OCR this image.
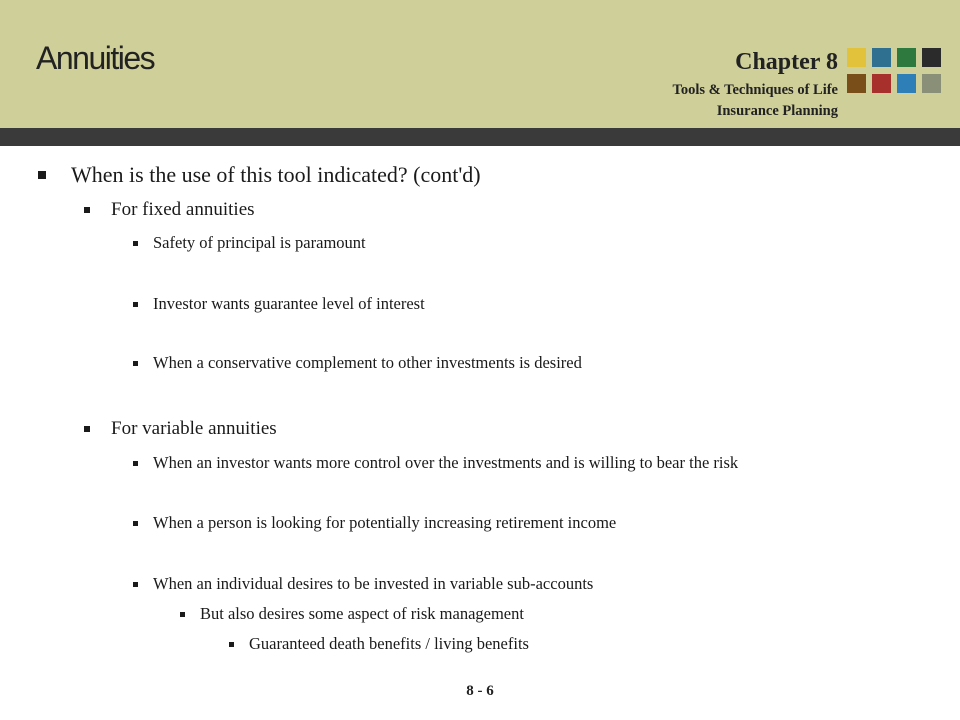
Annuities	Chapter 8
Tools & Techniques of Life
Insurance Planning
When is the use of this tool indicated? (cont'd)
For fixed annuities
Safety of principal is paramount
Investor wants guarantee level of interest
When a conservative complement to other investments is desired
For variable annuities
When an investor wants more control over the investments and is willing to bear the risk
When a person is looking for potentially increasing retirement income
When an individual desires to be invested in variable sub-accounts
But also desires some aspect of risk management
Guaranteed death benefits / living benefits
8 - 6
